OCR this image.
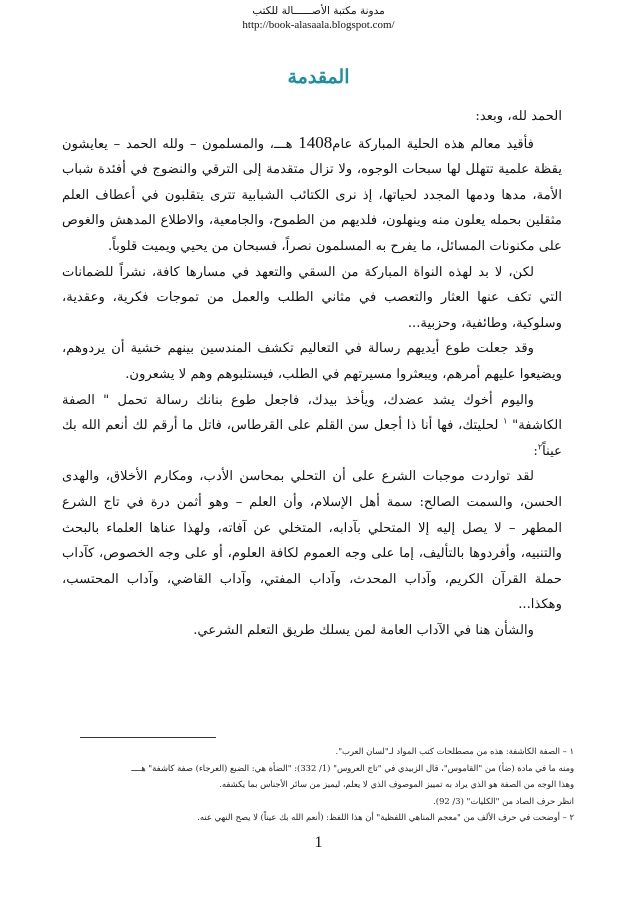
مدونة مكتبة الأصــــــالة للكتب
http://book-alasaala.blogspot.com/
المقدمة

الحمد لله، وبعد:

فأقيد معالم هذه الحلية المباركة عام1408 هـــ، والمسلمون – ولله الحمد – يعايشون يقظة علمية تتهلل لها سبحات الوجوه، ولا تزال متقدمة إلى الترقي والنضوج في أفئدة شباب الأمة، مدها ودمها المجدد لحياتها، إذ نرى الكتائب الشبابية تترى يتقلبون في أعطاف العلم مثقلين بحمله يعلون منه وينهلون، فلديهم من الطموح، والجامعية، والاطلاع المدهش والغوص على مكنونات المسائل، ما يفرح به المسلمون نصراً، فسبحان من يحيي ويميت قلوباً.

لكن، لا بد لهذه النواة المباركة من السقي والتعهد في مسارها كافة، نشراً للضمانات التي تكف عنها العثار والتعصب في مثاني الطلب والعمل من تموجات فكرية، وعقدية، وسلوكية، وطائفية، وحزبية...

وقد جعلت طوع أيديهم رسالة في التعاليم تكشف المندسين بينهم خشية أن يردوهم، ويضيعوا عليهم أمرهم، ويبعثروا مسيرتهم في الطلب، فيستلبوهم وهم لا يشعرون.

واليوم أخوك يشد عضدك، ويأخذ بيدك، فاجعل طوع بنانك رسالة تحمل " الصفة الكاشفة" $^١$ لحليتك، فها أنا ذا أجعل سن القلم على القرطاس، فاتل ما أرقم لك أنعم الله بك عيناً$^٢$:

لقد تواردت موجبات الشرع على أن التحلي بمحاسن الأدب، ومكارم الأخلاق، والهدى الحسن، والسمت الصالح: سمة أهل الإسلام، وأن العلم – وهو أثمن درة في تاج الشرع المطهر – لا يصل إليه إلا المتحلي بآدابه، المتخلي عن آفاته، ولهذا عناها العلماء بالبحث والتنبيه، وأفردوها بالتأليف، إما على وجه العموم لكافة العلوم، أو على وجه الخصوص، كآداب حملة القرآن الكريم، وآداب المحدث، وآداب المفتي، وآداب القاضي، وآداب المحتسب، وهكذا...

والشأن هنا في الآداب العامة لمن يسلك طريق التعلم الشرعي.

١ – الصفة الكاشفة: هذه من مصطلحات كتب المواد لـ"لسان العرب".

ومنه ما في مادة (ضأ) من "القاموس"، قال الزبيدي في "تاج العروس" (1/ 332): "الضأة هي: الضبع (العرجاء) صفة كاشفة" هــــ

وهذا الوجه من الصفة هو الذي يراد به تمييز الموصوف الذي لا يعلم، ليميز من سائر الأجناس بما يكشفه.

انظر حرف الصاد من "الكليات" (3/ 92).

٢ – أوضحت في حرف الألف من "معجم المناهي اللفظية" أن هذا اللفظ: (أنعم الله بك عيناً) لا يصح النهي عنه.

1
